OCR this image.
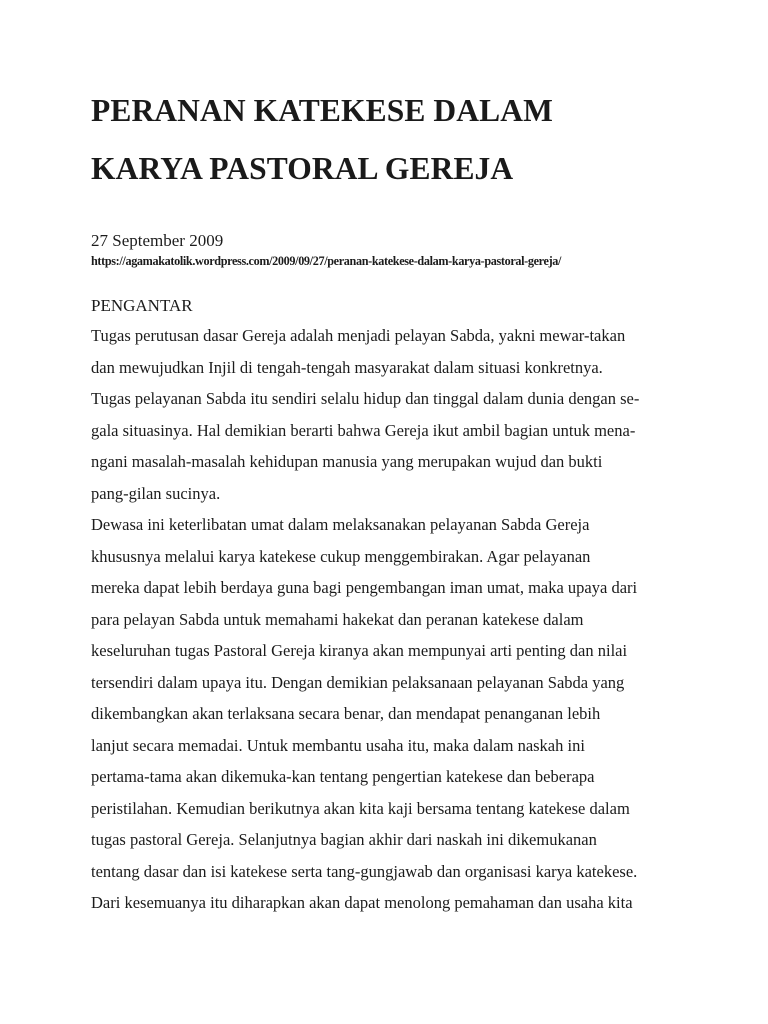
PERANAN KATEKESE DALAM
KARYA PASTORAL GEREJA
27 September 2009
https://agamakatolik.wordpress.com/2009/09/27/peranan-katekese-dalam-karya-pastoral-gereja/
PENGANTAR
Tugas perutusan dasar Gereja adalah menjadi pelayan Sabda, yakni mewar-takan
dan mewujudkan Injil di tengah-tengah masyarakat dalam situasi konkretnya.
Tugas pelayanan Sabda itu sendiri selalu hidup dan tinggal dalam dunia dengan se-
gala situasinya. Hal demikian berarti bahwa Gereja ikut ambil bagian untuk mena-
ngani masalah-masalah kehidupan manusia yang merupakan wujud dan bukti
pang-gilan sucinya.
Dewasa ini keterlibatan umat dalam melaksanakan pelayanan Sabda Gereja
khususnya melalui karya katekese cukup menggembirakan. Agar pelayanan
mereka dapat lebih berdaya guna bagi pengembangan iman umat, maka upaya dari
para pelayan Sabda untuk memahami hakekat dan peranan katekese dalam
keseluruhan tugas Pastoral Gereja kiranya akan mempunyai arti penting dan nilai
tersendiri dalam upaya itu. Dengan demikian pelaksanaan pelayanan Sabda yang
dikembangkan akan terlaksana secara benar, dan mendapat penanganan lebih
lanjut secara memadai. Untuk membantu usaha itu, maka dalam naskah ini
pertama-tama akan dikemuka-kan tentang pengertian katekese dan beberapa
peristilahan. Kemudian berikutnya akan kita kaji bersama tentang katekese dalam
tugas pastoral Gereja. Selanjutnya bagian akhir dari naskah ini dikemukanan
tentang dasar dan isi katekese serta tang-gungjawab dan organisasi karya katekese.
Dari kesemuanya itu diharapkan akan dapat menolong pemahaman dan usaha kita
